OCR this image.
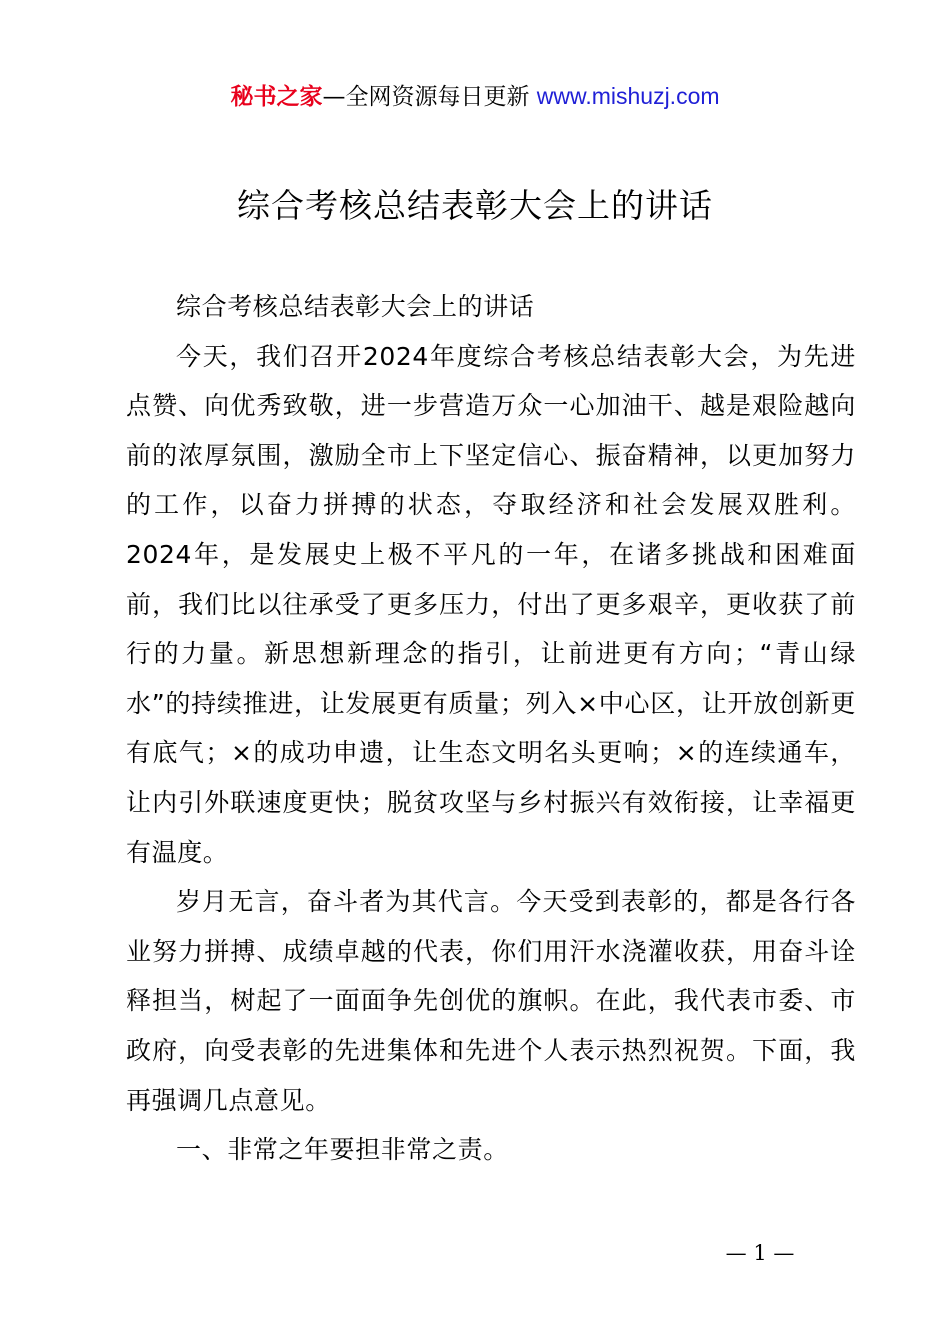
秘书之家—全网资源每日更新 www.mishuzj.com
综合考核总结表彰大会上的讲话

综合考核总结表彰大会上的讲话

今天，我们召开2024年度综合考核总结表彰大会，为先进点赞、向优秀致敬，进一步营造万众一心加油干、越是艰险越向前的浓厚氛围，激励全市上下坚定信心、振奋精神，以更加努力的工作，以奋力拼搏的状态，夺取经济和社会发展双胜利。2024年，是发展史上极不平凡的一年，在诸多挑战和困难面前，我们比以往承受了更多压力，付出了更多艰辛，更收获了前行的力量。新思想新理念的指引，让前进更有方向；“青山绿水”的持续推进，让发展更有质量；列入×中心区，让开放创新更有底气；×的成功申遗，让生态文明名头更响；×的连续通车，让内引外联速度更快；脱贫攻坚与乡村振兴有效衔接，让幸福更有温度。

岁月无言，奋斗者为其代言。今天受到表彰的，都是各行各业努力拼搏、成绩卓越的代表，你们用汗水浇灌收获，用奋斗诠释担当，树起了一面面争先创优的旗帜。在此，我代表市委、市政府，向受表彰的先进集体和先进个人表示热烈祝贺。下面，我再强调几点意见。

一、非常之年要担非常之责。

— 1 —
